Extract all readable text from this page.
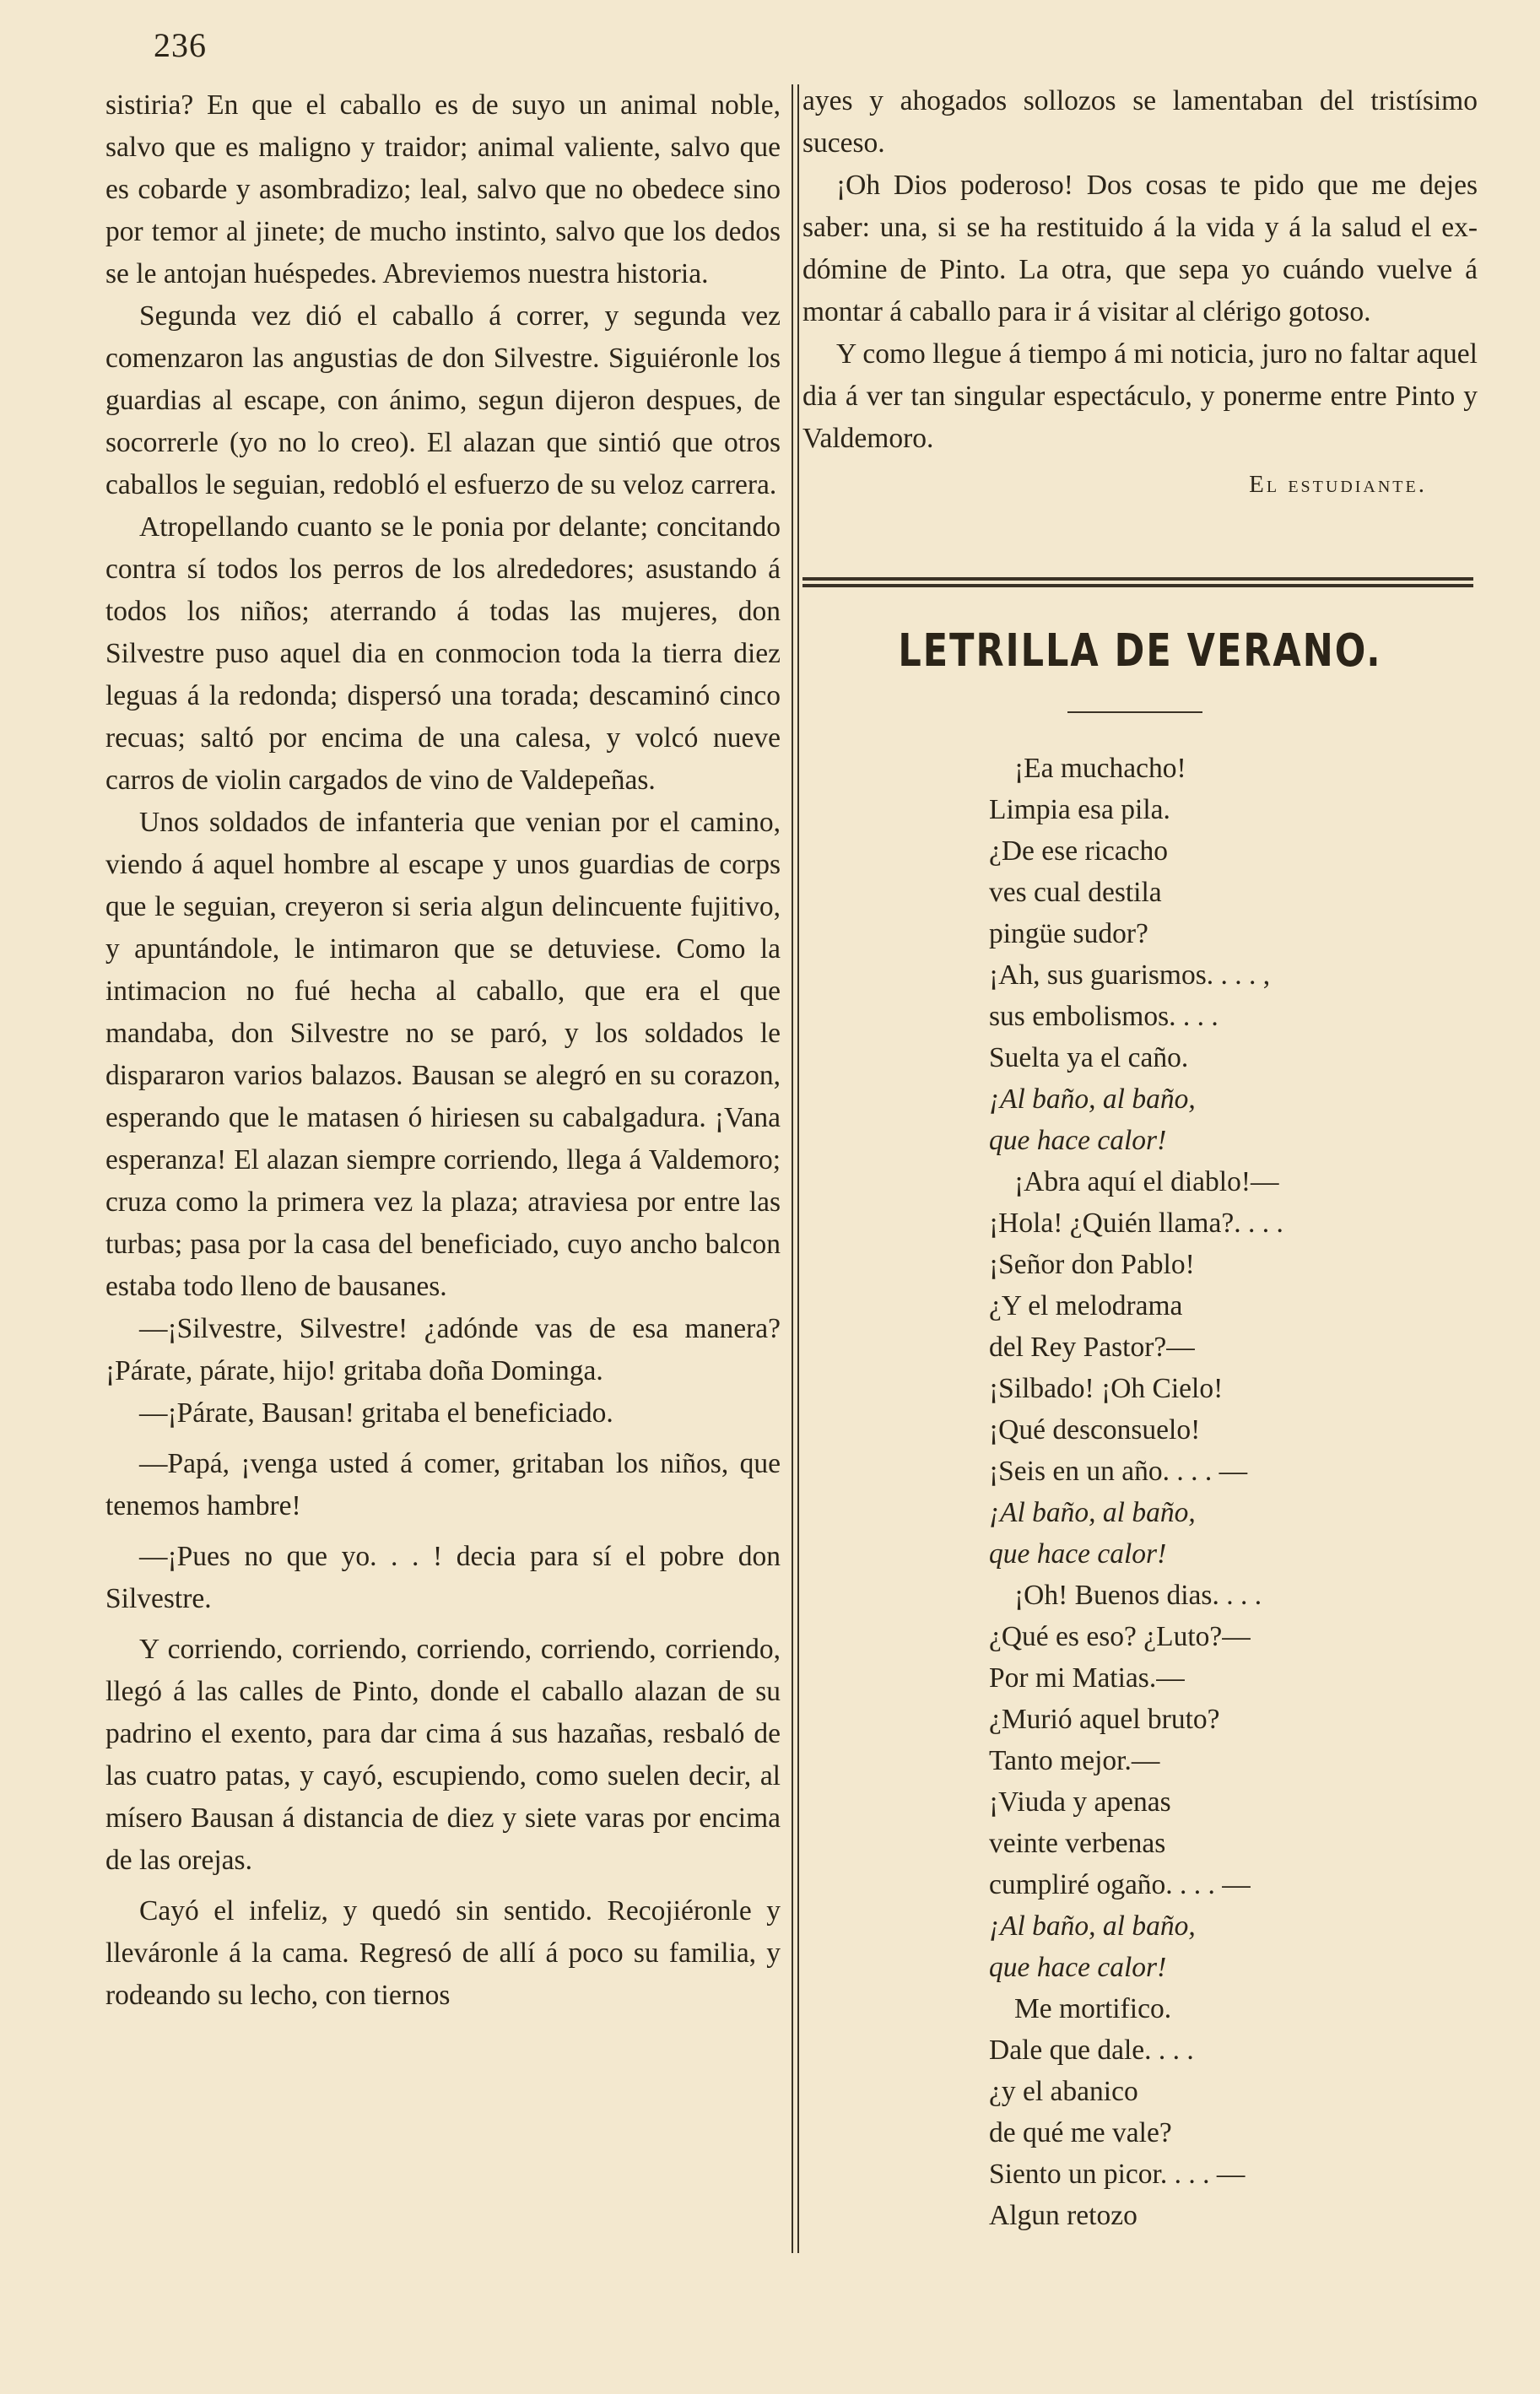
236

sistiria? En que el caballo es de suyo un animal noble, salvo que es maligno y traidor; animal valiente, salvo que es cobarde y asombradizo; leal, salvo que no obedece sino por temor al jinete; de mucho instinto, salvo que los dedos se le antojan huéspedes. Abreviemos nuestra historia.

Segunda vez dió el caballo á correr, y segunda vez comenzaron las angustias de don Silvestre. Siguiéronle los guardias al escape, con ánimo, segun dijeron despues, de socorrerle (yo no lo creo). El alazan que sintió que otros caballos le seguian, redobló el esfuerzo de su veloz carrera.

Atropellando cuanto se le ponia por delante; concitando contra sí todos los perros de los alrededores; asustando á todos los niños; aterrando á todas las mujeres, don Silvestre puso aquel dia en conmocion toda la tierra diez leguas á la redonda; dispersó una torada; descaminó cinco recuas; saltó por encima de una calesa, y volcó nueve carros de violin cargados de vino de Valdepeñas.

Unos soldados de infanteria que venian por el camino, viendo á aquel hombre al escape y unos guardias de corps que le seguian, creyeron si seria algun delincuente fujitivo, y apuntándole, le intimaron que se detuviese. Como la intimacion no fué hecha al caballo, que era el que mandaba, don Silvestre no se paró, y los soldados le dispararon varios balazos. Bausan se alegró en su corazon, esperando que le matasen ó hiriesen su cabalgadura. ¡Vana esperanza! El alazan siempre corriendo, llega á Valdemoro; cruza como la primera vez la plaza; atraviesa por entre las turbas; pasa por la casa del beneficiado, cuyo ancho balcon estaba todo lleno de bausanes.

—¡Silvestre, Silvestre! ¿adónde vas de esa manera? ¡Párate, párate, hijo! gritaba doña Dominga.

—¡Párate, Bausan! gritaba el beneficiado.

—Papá, ¡venga usted á comer, gritaban los niños, que tenemos hambre!

—¡Pues no que yo. . . ! decia para sí el pobre don Silvestre.

Y corriendo, corriendo, corriendo, corriendo, corriendo, llegó á las calles de Pinto, donde el caballo alazan de su padrino el exento, para dar cima á sus hazañas, resbaló de las cuatro patas, y cayó, escupiendo, como suelen decir, al mísero Bausan á distancia de diez y siete varas por encima de las orejas.

Cayó el infeliz, y quedó sin sentido. Recojiéronle y lleváronle á la cama. Regresó de allí á poco su familia, y rodeando su lecho, con tiernos

ayes y ahogados sollozos se lamentaban del tristísimo suceso.

¡Oh Dios poderoso! Dos cosas te pido que me dejes saber: una, si se ha restituido á la vida y á la salud el ex-dómine de Pinto. La otra, que sepa yo cuándo vuelve á montar á caballo para ir á visitar al clérigo gotoso.

Y como llegue á tiempo á mi noticia, juro no faltar aquel dia á ver tan singular espectáculo, y ponerme entre Pinto y Valdemoro.

El estudiante.
LETRILLA DE VERANO.
¡Ea muchacho!
Limpia esa pila.
¿De ese ricacho
ves cual destila
pingüe sudor?
¡Ah, sus guarismos. . . . ,
sus embolismos. . . .
Suelta ya el caño.
¡Al baño, al baño,
que hace calor!
¡Abra aquí el diablo!—
¡Hola! ¿Quién llama?. . . .
¡Señor don Pablo!
¿Y el melodrama
del Rey Pastor?—
¡Silbado! ¡Oh Cielo!
¡Qué desconsuelo!
¡Seis en un año. . . . —
¡Al baño, al baño,
que hace calor!
¡Oh! Buenos dias. . . .
¿Qué es eso? ¿Luto?—
Por mi Matias.—
¿Murió aquel bruto?
Tanto mejor.—
¡Viuda y apenas
veinte verbenas
cumpliré ogaño. . . . —
¡Al baño, al baño,
que hace calor!
Me mortifico.
Dale que dale. . . .
¿y el abanico
de qué me vale?
Siento un picor. . . . —
Algun retozo
